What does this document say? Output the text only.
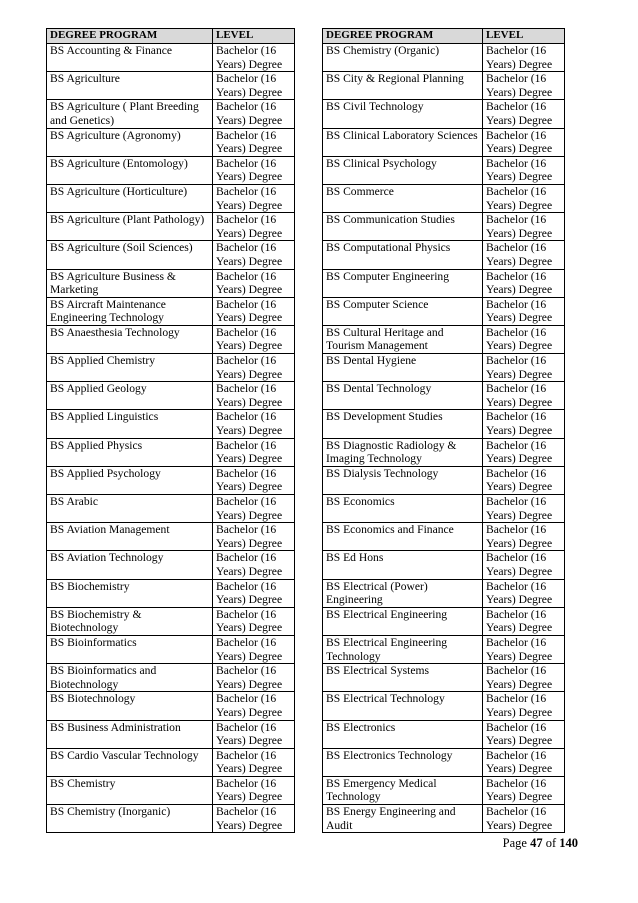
DEGREE PROGRAM	LEVEL
BS Accounting & Finance	Bachelor (16 Years) Degree
BS Agriculture	Bachelor (16 Years) Degree
BS Agriculture ( Plant Breeding and Genetics)	Bachelor (16 Years) Degree
BS Agriculture (Agronomy)	Bachelor (16 Years) Degree
BS Agriculture (Entomology)	Bachelor (16 Years) Degree
BS Agriculture (Horticulture)	Bachelor (16 Years) Degree
BS Agriculture (Plant Pathology)	Bachelor (16 Years) Degree
BS Agriculture (Soil Sciences)	Bachelor (16 Years) Degree
BS Agriculture Business & Marketing	Bachelor (16 Years) Degree
BS Aircraft Maintenance Engineering Technology	Bachelor (16 Years) Degree
BS Anaesthesia Technology	Bachelor (16 Years) Degree
BS Applied Chemistry	Bachelor (16 Years) Degree
BS Applied Geology	Bachelor (16 Years) Degree
BS Applied Linguistics	Bachelor (16 Years) Degree
BS Applied Physics	Bachelor (16 Years) Degree
BS Applied Psychology	Bachelor (16 Years) Degree
BS Arabic	Bachelor (16 Years) Degree
BS Aviation Management	Bachelor (16 Years) Degree
BS Aviation Technology	Bachelor (16 Years) Degree
BS Biochemistry	Bachelor (16 Years) Degree
BS Biochemistry & Biotechnology	Bachelor (16 Years) Degree
BS Bioinformatics	Bachelor (16 Years) Degree
BS Bioinformatics and Biotechnology	Bachelor (16 Years) Degree
BS Biotechnology	Bachelor (16 Years) Degree
BS Business Administration	Bachelor (16 Years) Degree
BS Cardio Vascular Technology	Bachelor (16 Years) Degree
BS Chemistry	Bachelor (16 Years) Degree
BS Chemistry (Inorganic)	Bachelor (16 Years) Degree
DEGREE PROGRAM	LEVEL
BS Chemistry (Organic)	Bachelor (16 Years) Degree
BS City & Regional Planning	Bachelor (16 Years) Degree
BS Civil Technology	Bachelor (16 Years) Degree
BS Clinical Laboratory Sciences	Bachelor (16 Years) Degree
BS Clinical Psychology	Bachelor (16 Years) Degree
BS Commerce	Bachelor (16 Years) Degree
BS Communication Studies	Bachelor (16 Years) Degree
BS Computational Physics	Bachelor (16 Years) Degree
BS Computer Engineering	Bachelor (16 Years) Degree
BS Computer Science	Bachelor (16 Years) Degree
BS Cultural Heritage and Tourism Management	Bachelor (16 Years) Degree
BS Dental Hygiene	Bachelor (16 Years) Degree
BS Dental Technology	Bachelor (16 Years) Degree
BS Development Studies	Bachelor (16 Years) Degree
BS Diagnostic Radiology & Imaging Technology	Bachelor (16 Years) Degree
BS Dialysis Technology	Bachelor (16 Years) Degree
BS Economics	Bachelor (16 Years) Degree
BS Economics and Finance	Bachelor (16 Years) Degree
BS Ed Hons	Bachelor (16 Years) Degree
BS Electrical (Power) Engineering	Bachelor (16 Years) Degree
BS Electrical Engineering	Bachelor (16 Years) Degree
BS Electrical Engineering Technology	Bachelor (16 Years) Degree
BS Electrical Systems	Bachelor (16 Years) Degree
BS Electrical Technology	Bachelor (16 Years) Degree
BS Electronics	Bachelor (16 Years) Degree
BS Electronics Technology	Bachelor (16 Years) Degree
BS Emergency Medical Technology	Bachelor (16 Years) Degree
BS Energy Engineering and Audit	Bachelor (16 Years) Degree
Page 47 of 140
